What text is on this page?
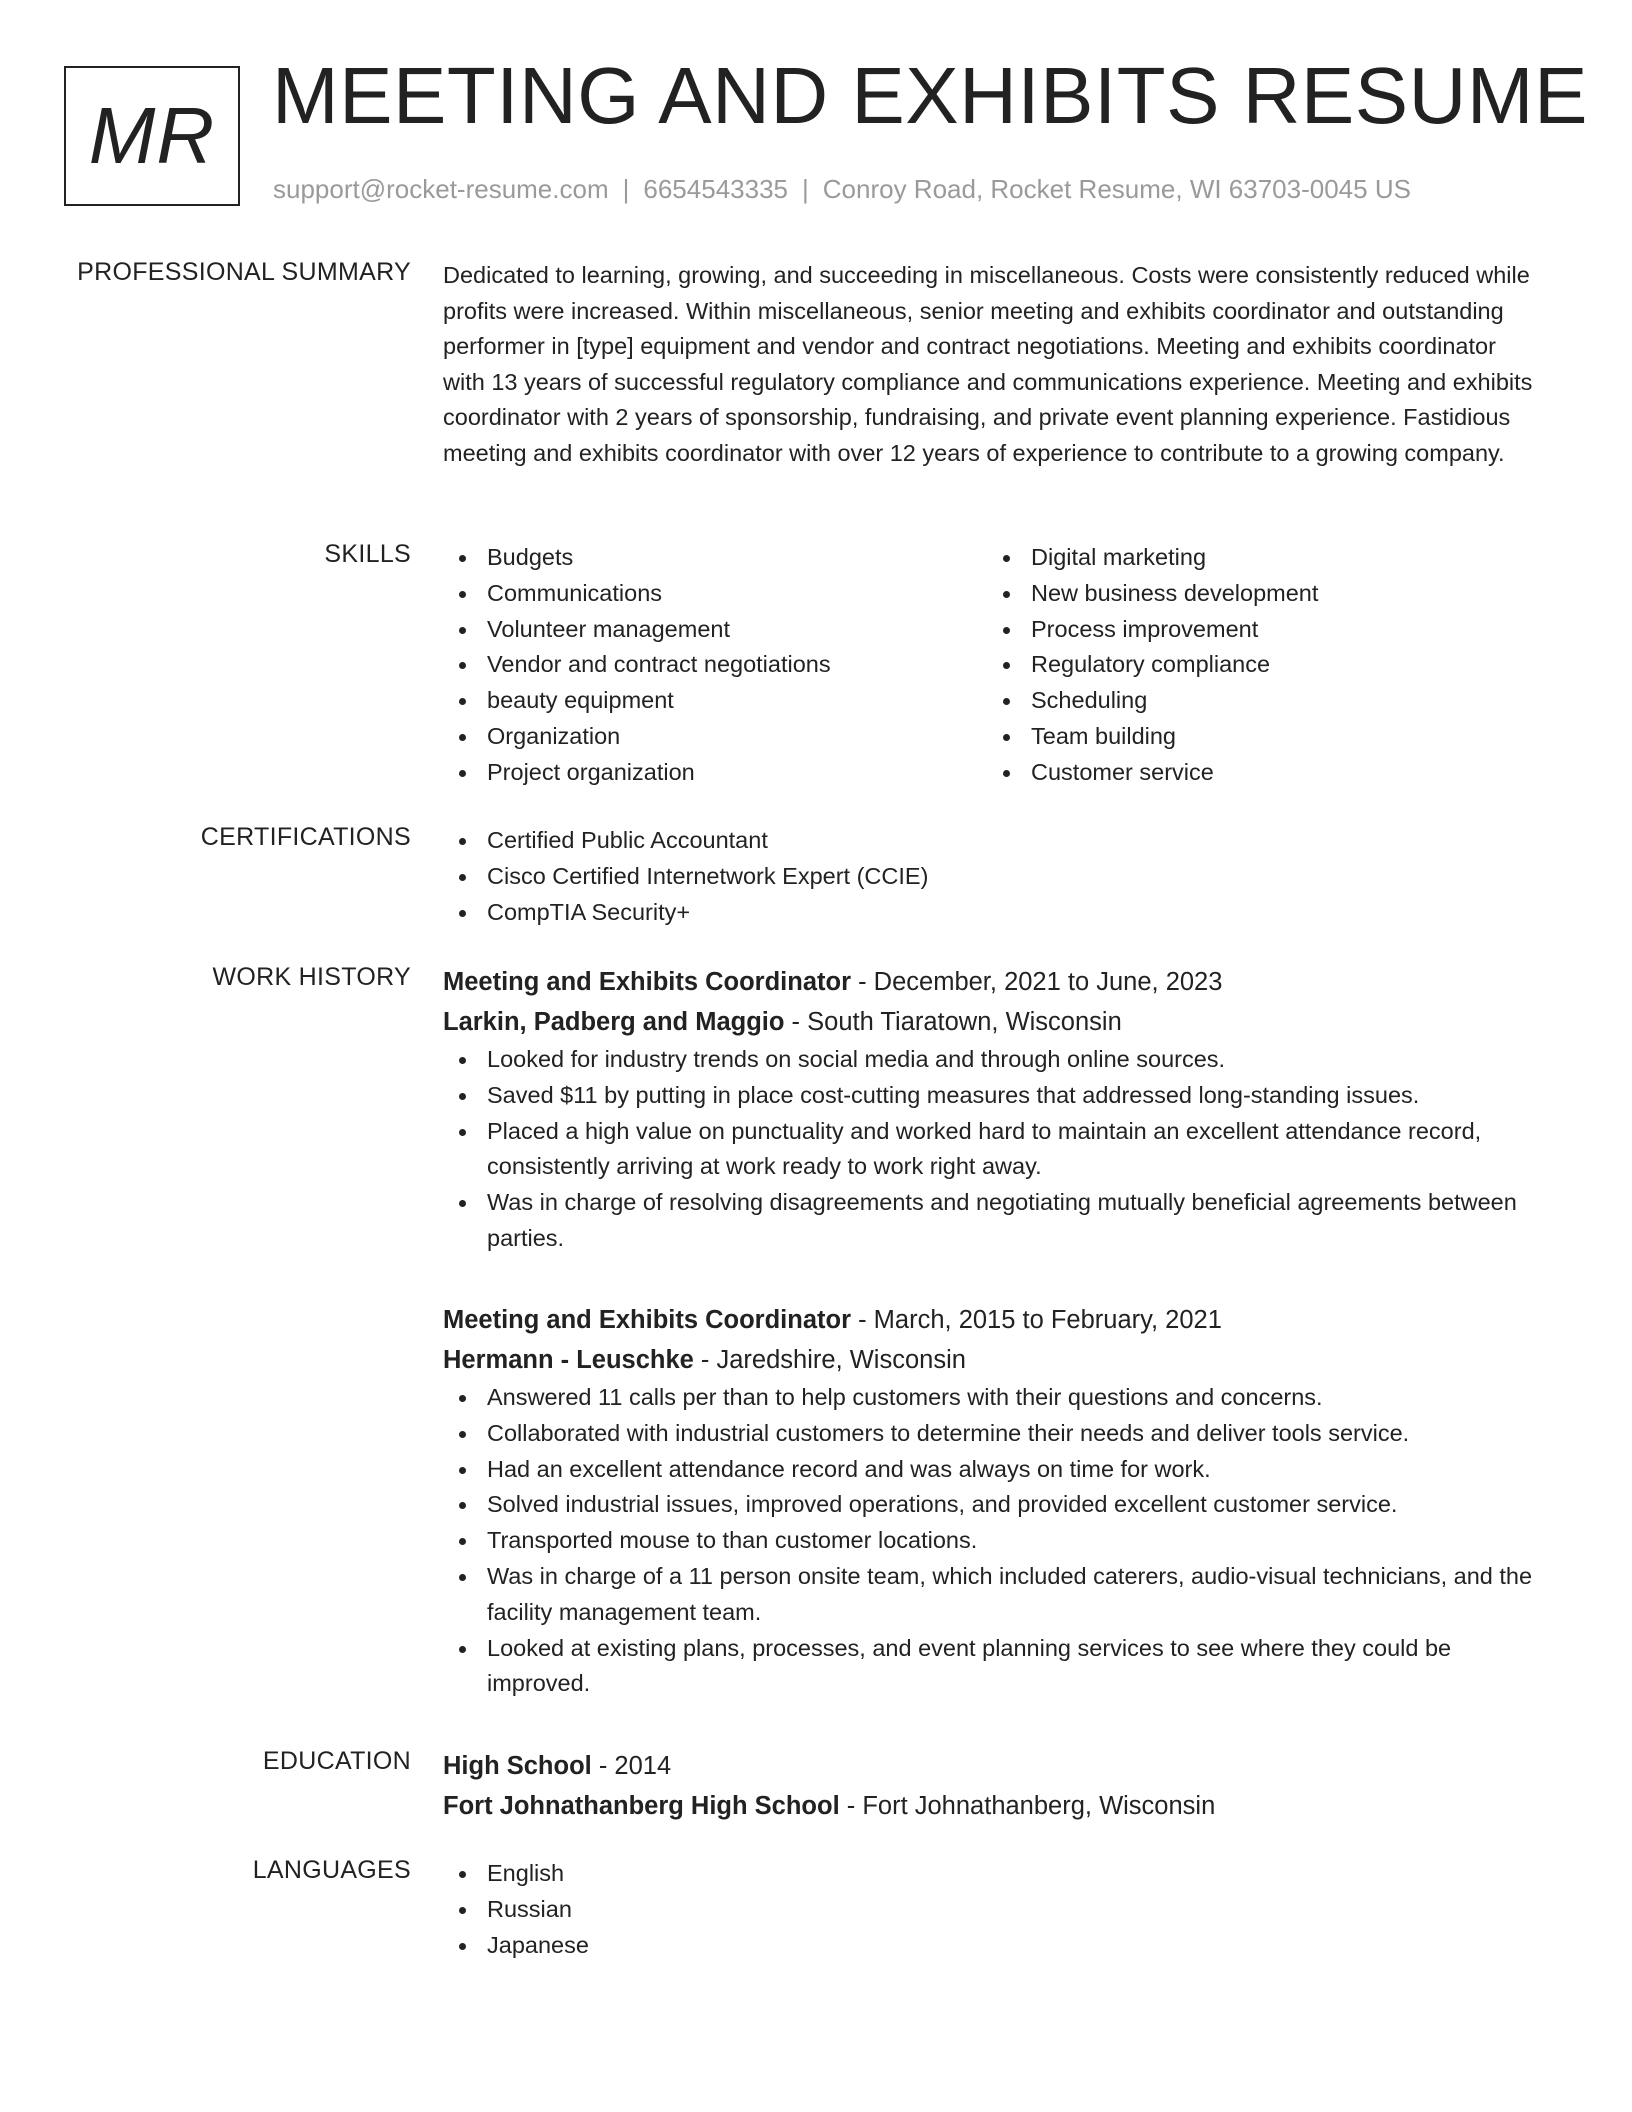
MR MEETING AND EXHIBITS RESUME
support@rocket-resume.com | 6654543335 | Conroy Road, Rocket Resume, WI 63703-0045 US
PROFESSIONAL SUMMARY Dedicated to learning, growing, and succeeding in miscellaneous. Costs were consistently reduced while profits were increased. Within miscellaneous, senior meeting and exhibits coordinator and outstanding performer in [type] equipment and vendor and contract negotiations. Meeting and exhibits coordinator with 13 years of successful regulatory compliance and communications experience. Meeting and exhibits coordinator with 2 years of sponsorship, fundraising, and private event planning experience. Fastidious meeting and exhibits coordinator with over 12 years of experience to contribute to a growing company.

SKILLS	Budgets
Communications
Volunteer management
Vendor and contract negotiations
beauty equipment
Organization
Project organization
Digital marketing
New business development
Process improvement
Regulatory compliance
Scheduling
Team building
Customer service
CERTIFICATIONS	Certified Public Accountant
Cisco Certified Internetwork Expert (CCIE)
CompTIA Security+
WORK HISTORY Meeting and Exhibits Coordinator - December, 2021 to June, 2023
Larkin, Padberg and Maggio - South Tiaratown, Wisconsin
Looked for industry trends on social media and through online sources.
Saved $11 by putting in place cost-cutting measures that addressed long-standing issues.
Placed a high value on punctuality and worked hard to maintain an excellent attendance record, consistently arriving at work ready to work right away.
Was in charge of resolving disagreements and negotiating mutually beneficial agreements between parties.
Meeting and Exhibits Coordinator - March, 2015 to February, 2021
Hermann - Leuschke - Jaredshire, Wisconsin
Answered 11 calls per than to help customers with their questions and concerns.
Collaborated with industrial customers to determine their needs and deliver tools service.
Had an excellent attendance record and was always on time for work.
Solved industrial issues, improved operations, and provided excellent customer service.
Transported mouse to than customer locations.
Was in charge of a 11 person onsite team, which included caterers, audio-visual technicians, and the facility management team.
Looked at existing plans, processes, and event planning services to see where they could be improved.
EDUCATION High School - 2014
Fort Johnathanberg High School - Fort Johnathanberg, Wisconsin
LANGUAGES	English
Russian
Japanese
